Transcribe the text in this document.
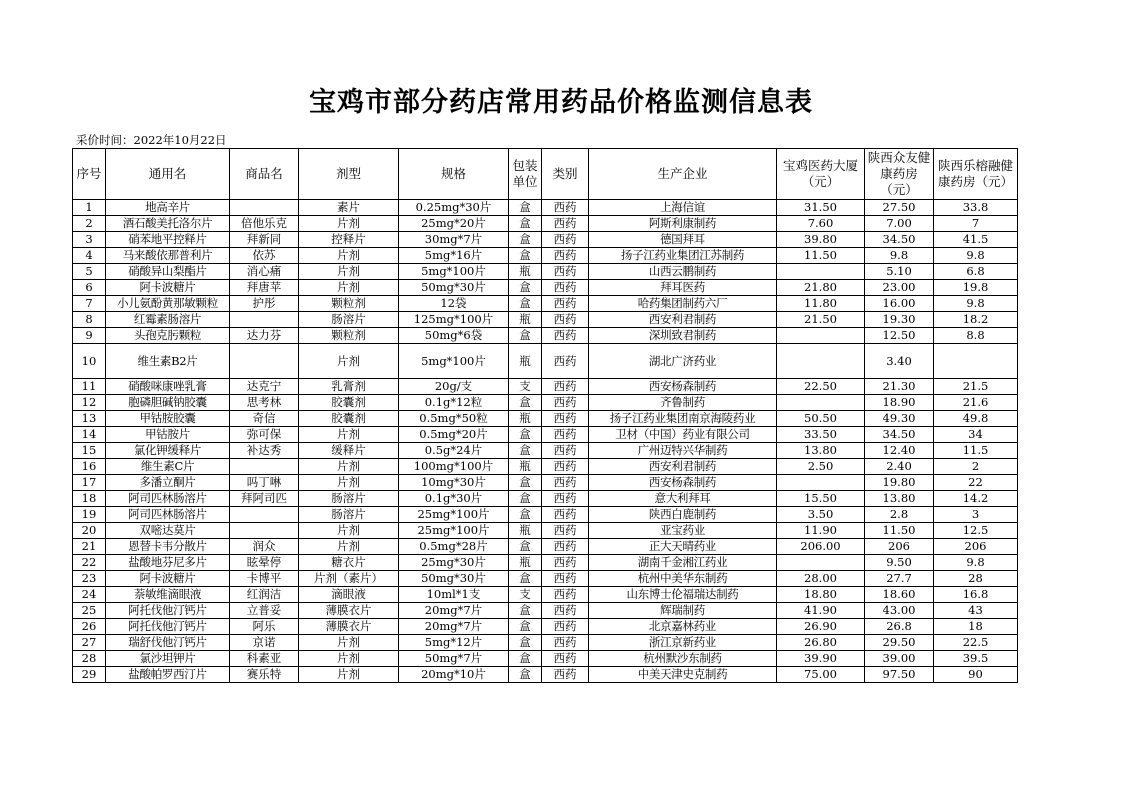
宝鸡市部分药店常用药品价格监测信息表
采价时间：2022年10月22日
序号	通用名	商品名	剂型	规格	包装单位	类别	生产企业	宝鸡医药大厦（元）	陕西众友健康药房（元）	陕西乐榕融健康药房（元）
1	地高辛片		素片	0.25mg*30片	盒	西药	上海信谊	31.50	27.50	33.8
2	酒石酸美托洛尔片	倍他乐克	片剂	25mg*20片	盒	西药	阿斯利康制药	7.60	7.00	7
3	硝苯地平控释片	拜新同	控释片	30mg*7片	盒	西药	德国拜耳	39.80	34.50	41.5
4	马来酸依那普利片	依苏	片剂	5mg*16片	盒	西药	扬子江药业集团江苏制药	11.50	9.8	9.8
5	硝酸异山梨酯片	消心痛	片剂	5mg*100片	瓶	西药	山西云鹏制药		5.10	6.8
6	阿卡波糖片	拜唐苹	片剂	50mg*30片	盒	西药	拜耳医药	21.80	23.00	19.8
7	小儿氨酚黄那敏颗粒	护彤	颗粒剂	12袋	盒	西药	哈药集团制药六厂	11.80	16.00	9.8
8	红霉素肠溶片		肠溶片	125mg*100片	瓶	西药	西安利君制药	21.50	19.30	18.2
9	头孢克肟颗粒	达力芬	颗粒剂	50mg*6袋	盒	西药	深圳致君制药		12.50	8.8
10	维生素B2片		片剂	5mg*100片	瓶	西药	湖北广济药业		3.40	
11	硝酸咪康唑乳膏	达克宁	乳膏剂	20g/支	支	西药	西安杨森制药	22.50	21.30	21.5
12	胞磷胆碱钠胶囊	思考林	胶囊剂	0.1g*12粒	盒	西药	齐鲁制药		18.90	21.6
13	甲钴胺胶囊	奇信	胶囊剂	0.5mg*50粒	瓶	西药	扬子江药业集团南京海陵药业	50.50	49.30	49.8
14	甲钴胺片	弥可保	片剂	0.5mg*20片	盒	西药	卫材（中国）药业有限公司	33.50	34.50	34
15	氯化钾缓释片	补达秀	缓释片	0.5g*24片	盒	西药	广州迈特兴华制药	13.80	12.40	11.5
16	维生素C片		片剂	100mg*100片	瓶	西药	西安利君制药	2.50	2.40	2
17	多潘立酮片	吗丁啉	片剂	10mg*30片	盒	西药	西安杨森制药		19.80	22
18	阿司匹林肠溶片	拜阿司匹	肠溶片	0.1g*30片	盒	西药	意大利拜耳	15.50	13.80	14.2
19	阿司匹林肠溶片		肠溶片	25mg*100片	盒	西药	陕西白鹿制药	3.50	2.8	3
20	双嘧达莫片		片剂	25mg*100片	瓶	西药	亚宝药业	11.90	11.50	12.5
21	恩替卡韦分散片	润众	片剂	0.5mg*28片	盒	西药	正大天晴药业	206.00	206	206
22	盐酸地芬尼多片	眩晕停	糖衣片	25mg*30片	瓶	西药	湖南千金湘江药业		9.50	9.8
23	阿卡波糖片	卡博平	片剂（素片）	50mg*30片	盒	西药	杭州中美华东制药	28.00	27.7	28
24	萘敏维滴眼液	红润洁	滴眼液	10ml*1支	支	西药	山东博士伦福瑞达制药	18.80	18.60	16.8
25	阿托伐他汀钙片	立普妥	薄膜衣片	20mg*7片	盒	西药	辉瑞制药	41.90	43.00	43
26	阿托伐他汀钙片	阿乐	薄膜衣片	20mg*7片	盒	西药	北京嘉林药业	26.90	26.8	18
27	瑞舒伐他汀钙片	京诺	片剂	5mg*12片	盒	西药	浙江京新药业	26.80	29.50	22.5
28	氯沙坦钾片	科素亚	片剂	50mg*7片	盒	西药	杭州默沙东制药	39.90	39.00	39.5
29	盐酸帕罗西汀片	赛乐特	片剂	20mg*10片	盒	西药	中美天津史克制药	75.00	97.50	90
